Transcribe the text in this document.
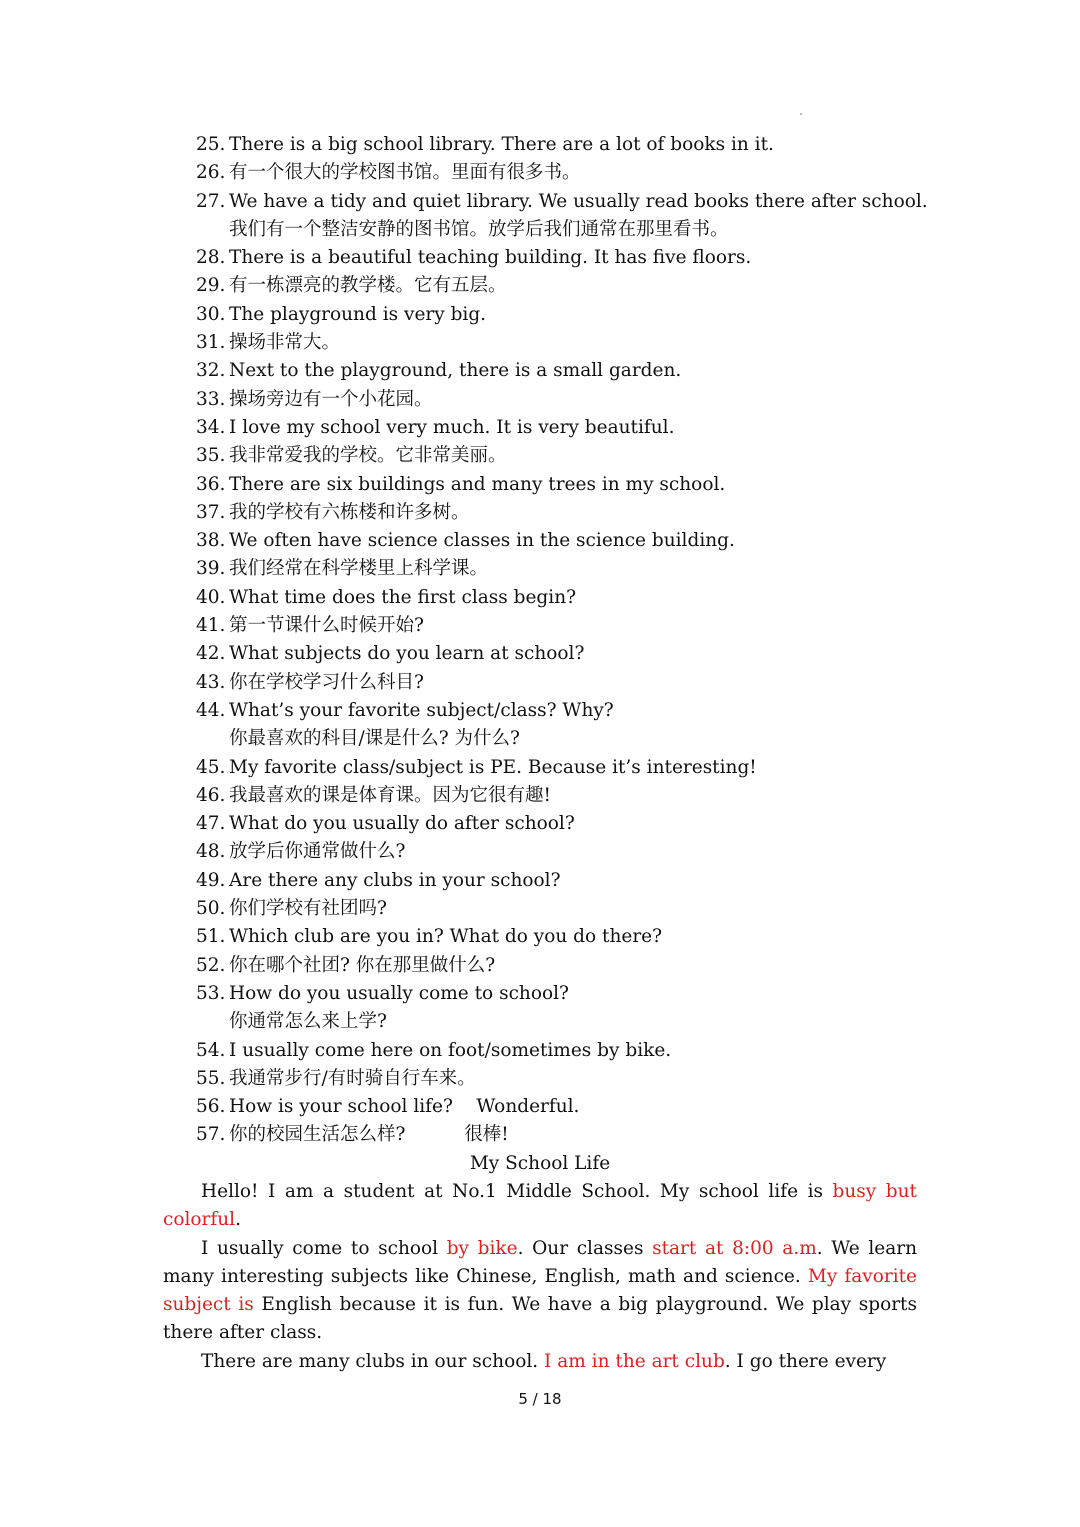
25. There is a big school library. There are a lot of books in it.
26. 有一个很大的学校图书馆。里面有很多书。
27. We have a tidy and quiet library. We usually read books there after school.
我们有一个整洁安静的图书馆。放学后我们通常在那里看书。
28. There is a beautiful teaching building. It has five floors.
29. 有一栋漂亮的教学楼。它有五层。
30. The playground is very big.
31. 操场非常大。
32. Next to the playground, there is a small garden.
33. 操场旁边有一个小花园。
34. I love my school very much. It is very beautiful.
35. 我非常爱我的学校。它非常美丽。
36. There are six buildings and many trees in my school.
37. 我的学校有六栋楼和许多树。
38. We often have science classes in the science building.
39. 我们经常在科学楼里上科学课。
40. What time does the first class begin?
41. 第一节课什么时候开始?
42. What subjects do you learn at school?
43. 你在学校学习什么科目?
44. What’s your favorite subject/class? Why?
你最喜欢的科目/课是什么? 为什么?
45. My favorite class/subject is PE. Because it’s interesting!
46. 我最喜欢的课是体育课。因为它很有趣!
47. What do you usually do after school?
48. 放学后你通常做什么?
49. Are there any clubs in your school?
50. 你们学校有社团吗?
51. Which club are you in? What do you do there?
52. 你在哪个社团? 你在那里做什么?
53. How do you usually come to school?
你通常怎么来上学?
54. I usually come here on foot/sometimes by bike.
55. 我通常步行/有时骑自行车来。
56. How is your school life?    Wonderful.
57. 你的校园生活怎么样?          很棒!
My School Life

Hello! I am a student at No.1 Middle School. My school life is busy but colorful.

I usually come to school by bike. Our classes start at 8:00 a.m. We learn many interesting subjects like Chinese, English, math and science. My favorite subject is English because it is fun. We have a big playground. We play sports there after class.

There are many clubs in our school. I am in the art club. I go there every

5 / 18
